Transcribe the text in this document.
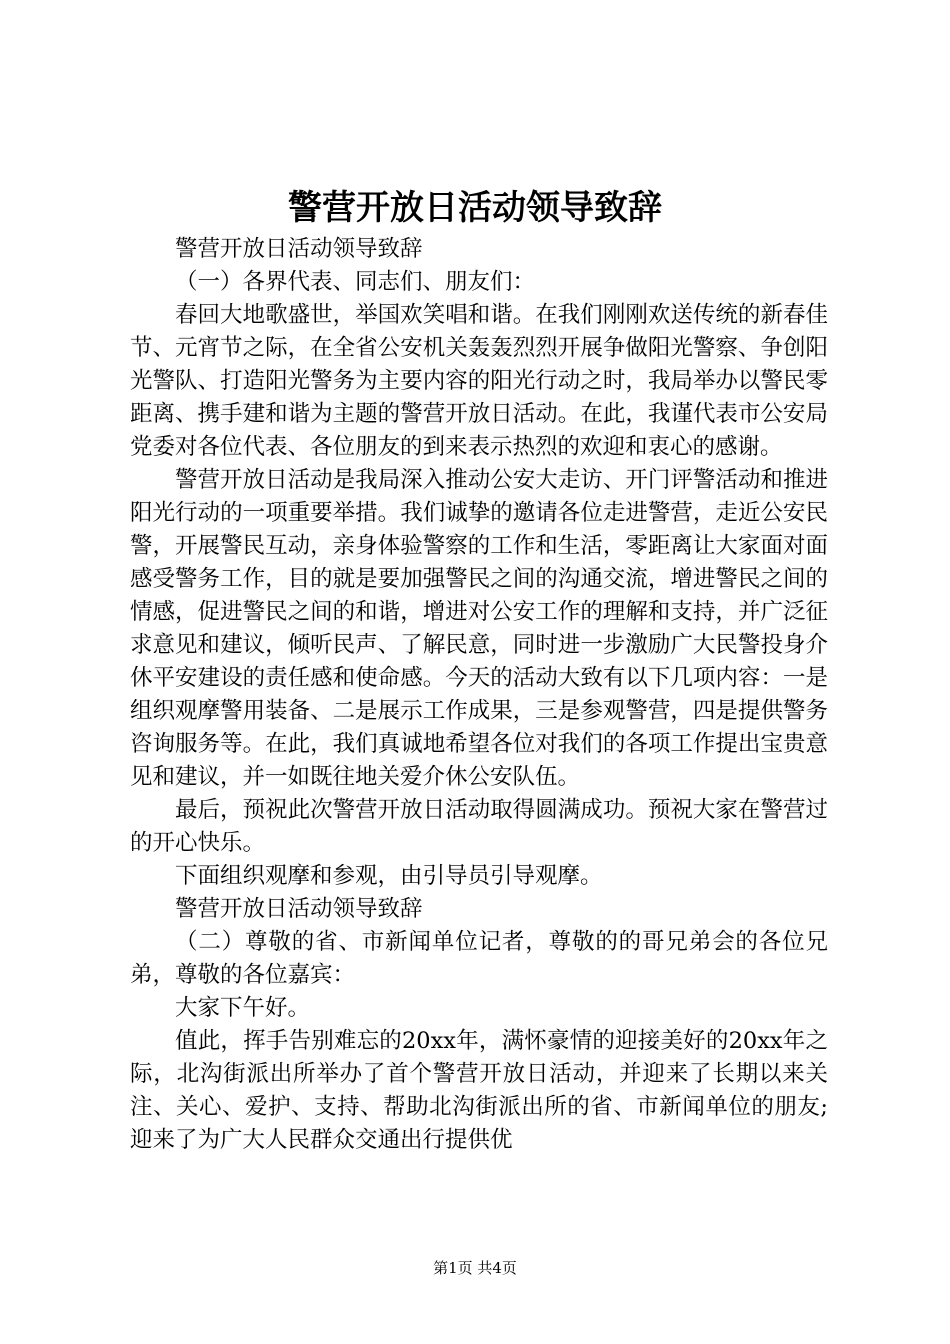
警营开放日活动领导致辞

警营开放日活动领导致辞

（一）各界代表、同志们、朋友们：

春回大地歌盛世，举国欢笑唱和谐。在我们刚刚欢送传统的新春佳节、元宵节之际，在全省公安机关轰轰烈烈开展争做阳光警察、争创阳光警队、打造阳光警务为主要内容的阳光行动之时，我局举办以警民零距离、携手建和谐为主题的警营开放日活动。在此，我谨代表市公安局党委对各位代表、各位朋友的到来表示热烈的欢迎和衷心的感谢。

警营开放日活动是我局深入推动公安大走访、开门评警活动和推进阳光行动的一项重要举措。我们诚挚的邀请各位走进警营，走近公安民警，开展警民互动，亲身体验警察的工作和生活，零距离让大家面对面感受警务工作，目的就是要加强警民之间的沟通交流，增进警民之间的情感，促进警民之间的和谐，增进对公安工作的理解和支持，并广泛征求意见和建议，倾听民声、了解民意，同时进一步激励广大民警投身介休平安建设的责任感和使命感。今天的活动大致有以下几项内容：一是组织观摩警用装备、二是展示工作成果，三是参观警营，四是提供警务咨询服务等。在此，我们真诚地希望各位对我们的各项工作提出宝贵意见和建议，并一如既往地关爱介休公安队伍。

最后，预祝此次警营开放日活动取得圆满成功。预祝大家在警营过的开心快乐。

下面组织观摩和参观，由引导员引导观摩。

警营开放日活动领导致辞

（二）尊敬的省、市新闻单位记者，尊敬的的哥兄弟会的各位兄弟，尊敬的各位嘉宾：

大家下午好。

值此，挥手告别难忘的20xx年，满怀豪情的迎接美好的20xx年之际，北沟街派出所举办了首个警营开放日活动，并迎来了长期以来关注、关心、爱护、支持、帮助北沟街派出所的省、市新闻单位的朋友;迎来了为广大人民群众交通出行提供优

第1页 共4页
